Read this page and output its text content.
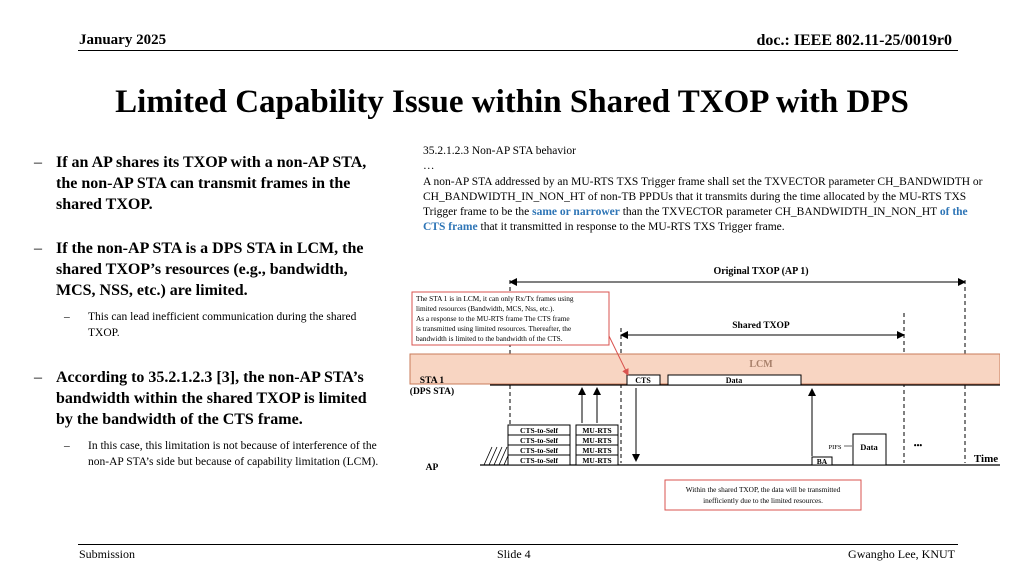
January 2025	doc.: IEEE 802.11-25/0019r0
Limited Capability Issue within Shared TXOP with DPS
– If an AP shares its TXOP with a non-AP STA, the non-AP STA can transmit frames in the shared TXOP.
– If the non-AP STA is a DPS STA in LCM, the shared TXOP’s resources (e.g., bandwidth, MCS, NSS, etc.) are limited.
– This can lead inefficient communication during the shared TXOP.
– According to 35.2.1.2.3 [3], the non-AP STA’s bandwidth within the shared TXOP is limited by the bandwidth of the CTS frame.
– In this case, this limitation is not because of interference of the non-AP STA’s side but because of capability limitation (LCM).
35.2.1.2.3 Non-AP STA behavior
…
A non-AP STA addressed by an MU-RTS TXS Trigger frame shall set the TXVECTOR parameter CH_BANDWIDTH or CH_BANDWIDTH_IN_NON_HT of non-TB PPDUs that it transmits during the time allocated by the MU-RTS TXS Trigger frame to be the same or narrower than the TXVECTOR parameter CH_BANDWIDTH_IN_NON_HT of the CTS frame that it transmitted in response to the MU-RTS TXS Trigger frame.
Original TXOP (AP 1)
Shared TXOP
LCM
STA 1
(DPS STA)
CTS	Data
The STA 1 is in LCM, it can only Rx/Tx frames using
limited resources (Bandwidth, MCS, Nss, etc.).
As a response to the MU-RTS frame The CTS frame
is transmitted using limited resources. Thereafter, the
bandwidth is limited to the bandwidth of the CTS.
AP
Time
CTS-to-Self
CTS-to-Self
CTS-to-Self
CTS-to-Self
MU-RTS
MU-RTS
MU-RTS
MU-RTS	BA
PIFS Data	•••
Within the shared TXOP, the data will be transmitted
inefficiently due to the limited resources.
Submission	Slide 4	Gwangho Lee, KNUT
